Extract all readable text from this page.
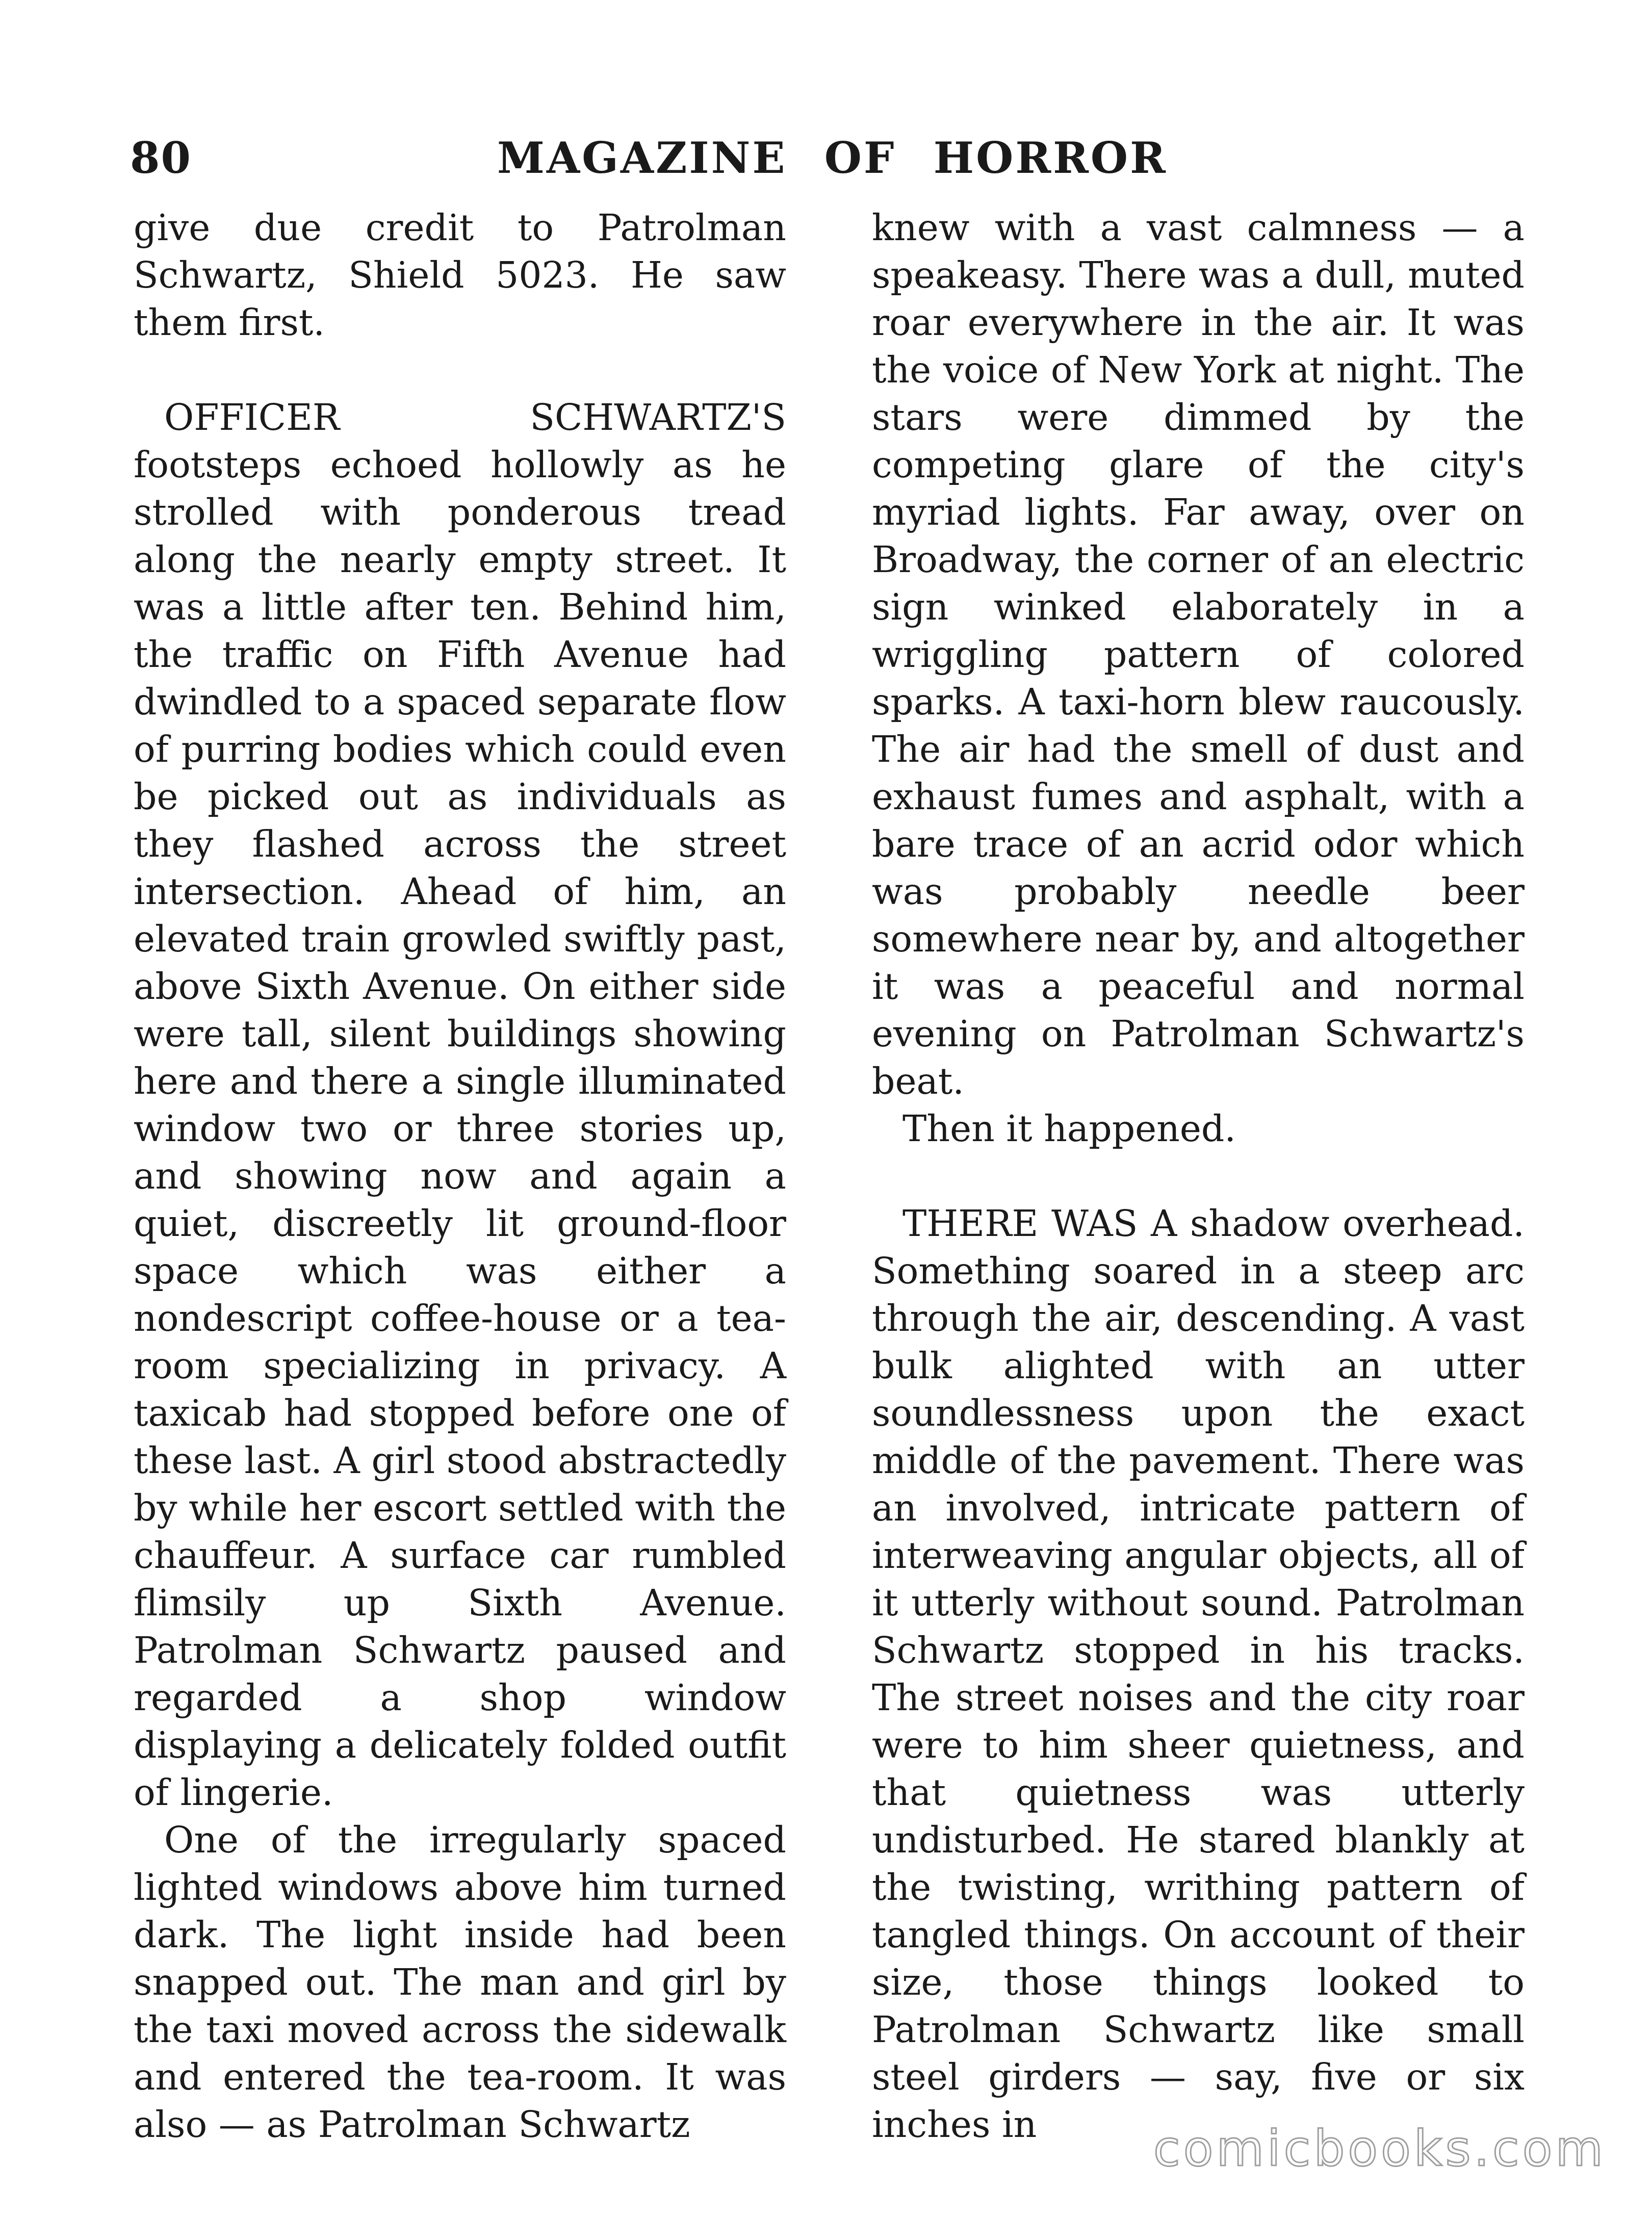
80	MAGAZINE OF HORROR

give due credit to Patrolman Schwartz, Shield 5023. He saw them first.

OFFICER SCHWARTZ'S footsteps echoed hollowly as he strolled with ponderous tread along the nearly empty street. It was a little after ten. Behind him, the traffic on Fifth Avenue had dwindled to a spaced separate flow of purring bodies which could even be picked out as individuals as they flashed across the street intersection. Ahead of him, an elevated train growled swiftly past, above Sixth Avenue. On either side were tall, silent buildings showing here and there a single illuminated window two or three stories up, and showing now and again a quiet, discreetly lit ground-floor space which was either a nondescript coffee-house or a tea-room specializing in privacy. A taxicab had stopped before one of these last. A girl stood abstractedly by while her escort settled with the chauffeur. A surface car rumbled flimsily up Sixth Avenue. Patrolman Schwartz paused and regarded a shop window displaying a delicately folded outfit of lingerie.

One of the irregularly spaced lighted windows above him turned dark. The light inside had been snapped out. The man and girl by the taxi moved across the sidewalk and entered the tea-room. It was also — as Patrolman Schwartz

knew with a vast calmness — a speakeasy. There was a dull, muted roar everywhere in the air. It was the voice of New York at night. The stars were dimmed by the competing glare of the city's myriad lights. Far away, over on Broadway, the corner of an electric sign winked elaborately in a wriggling pattern of colored sparks. A taxi-horn blew raucously. The air had the smell of dust and exhaust fumes and asphalt, with a bare trace of an acrid odor which was probably needle beer somewhere near by, and altogether it was a peaceful and normal evening on Patrolman Schwartz's beat.

Then it happened.

THERE WAS A shadow overhead. Something soared in a steep arc through the air, descending. A vast bulk alighted with an utter soundlessness upon the exact middle of the pavement. There was an involved, intricate pattern of interweaving angular objects, all of it utterly without sound. Patrolman Schwartz stopped in his tracks. The street noises and the city roar were to him sheer quietness, and that quietness was utterly undisturbed. He stared blankly at the twisting, writhing pattern of tangled things. On account of their size, those things looked to Patrolman Schwartz like small steel girders — say, five or six inches in	comicbooks.com
